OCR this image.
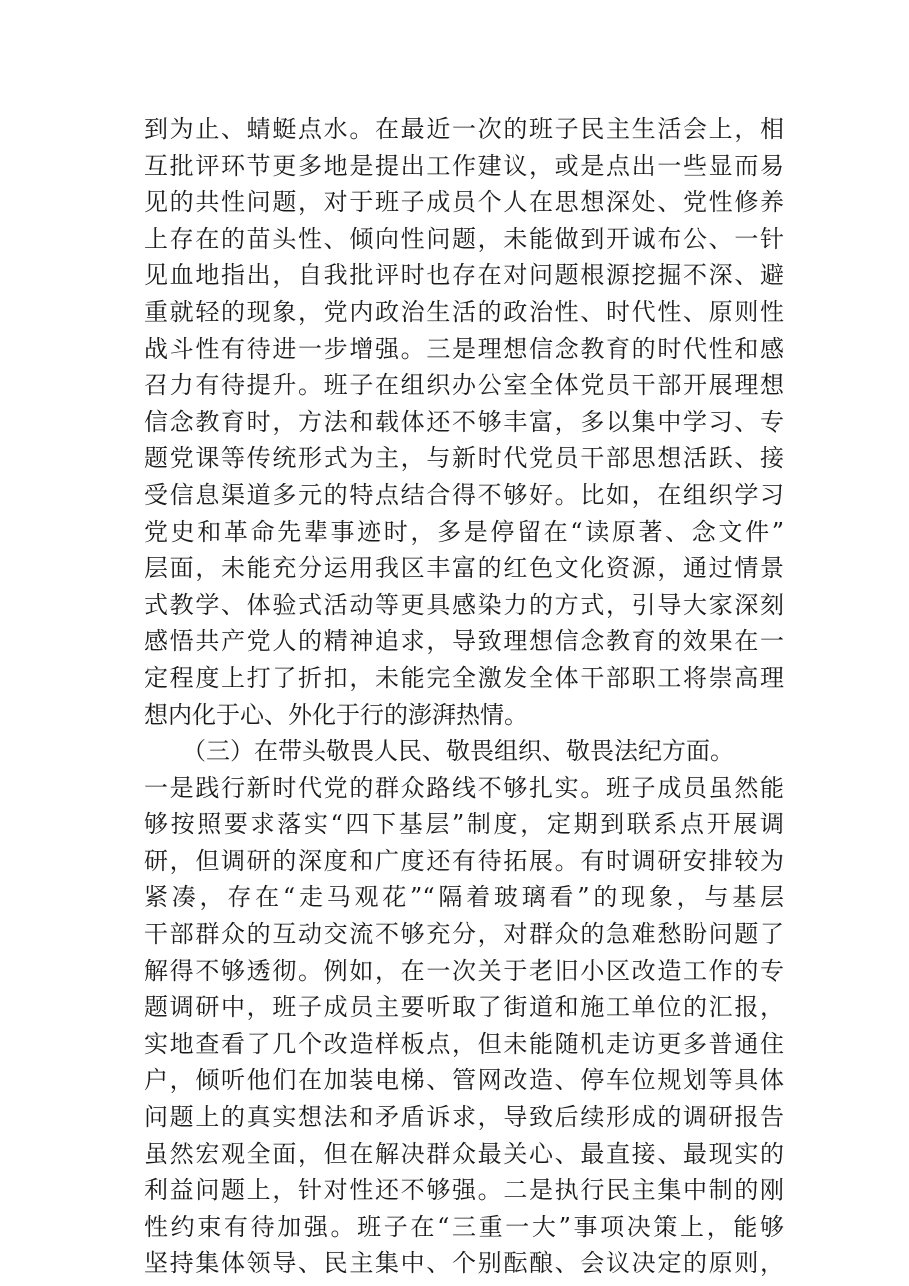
到为止、蜻蜓点水。在最近一次的班子民主生活会上，相
互批评环节更多地是提出工作建议，或是点出一些显而易
见的共性问题，对于班子成员个人在思想深处、党性修养
上存在的苗头性、倾向性问题，未能做到开诚布公、一针
见血地指出，自我批评时也存在对问题根源挖掘不深、避
重就轻的现象，党内政治生活的政治性、时代性、原则性
战斗性有待进一步增强。三是理想信念教育的时代性和感
召力有待提升。班子在组织办公室全体党员干部开展理想
信念教育时，方法和载体还不够丰富，多以集中学习、专
题党课等传统形式为主，与新时代党员干部思想活跃、接
受信息渠道多元的特点结合得不够好。比如，在组织学习
党史和革命先辈事迹时，多是停留在“读原著、念文件”
层面，未能充分运用我区丰富的红色文化资源，通过情景
式教学、体验式活动等更具感染力的方式，引导大家深刻
感悟共产党人的精神追求，导致理想信念教育的效果在一
定程度上打了折扣，未能完全激发全体干部职工将崇高理
想内化于心、外化于行的澎湃热情。
（三）在带头敬畏人民、敬畏组织、敬畏法纪方面。
一是践行新时代党的群众路线不够扎实。班子成员虽然能
够按照要求落实“四下基层”制度，定期到联系点开展调
研，但调研的深度和广度还有待拓展。有时调研安排较为
紧凑，存在“走马观花”“隔着玻璃看”的现象，与基层
干部群众的互动交流不够充分，对群众的急难愁盼问题了
解得不够透彻。例如，在一次关于老旧小区改造工作的专
题调研中，班子成员主要听取了街道和施工单位的汇报，
实地查看了几个改造样板点，但未能随机走访更多普通住
户，倾听他们在加装电梯、管网改造、停车位规划等具体
问题上的真实想法和矛盾诉求，导致后续形成的调研报告
虽然宏观全面，但在解决群众最关心、最直接、最现实的
利益问题上，针对性还不够强。二是执行民主集中制的刚
性约束有待加强。班子在“三重一大”事项决策上，能够
坚持集体领导、民主集中、个别酝酿、会议决定的原则，
